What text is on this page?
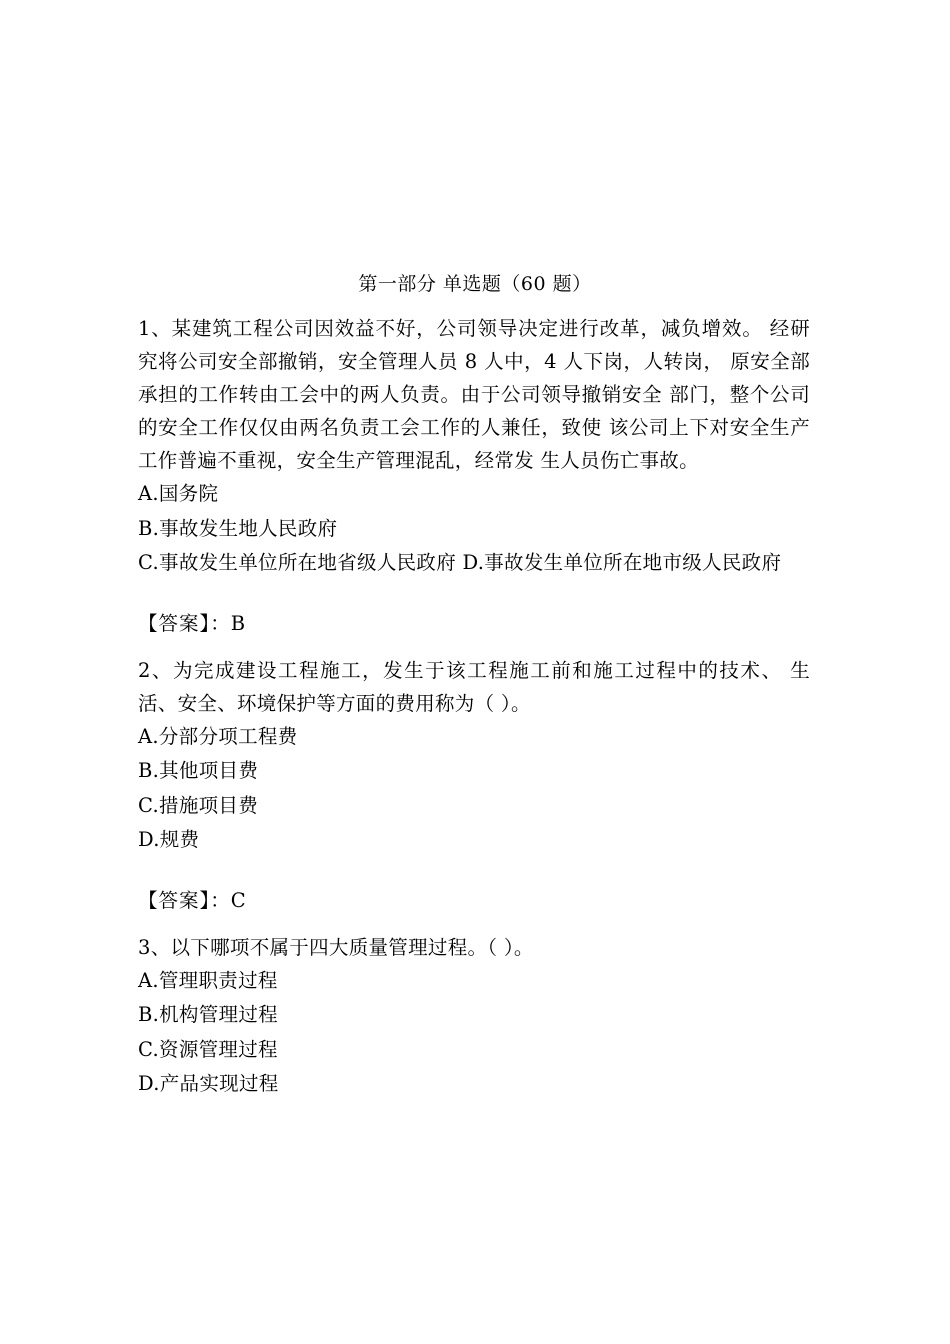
第一部分 单选题（60 题）

1、某建筑工程公司因效益不好，公司领导决定进行改革，减负增效。 经研究将公司安全部撤销，安全管理人员 8 人中，4 人下岗，人转岗， 原安全部承担的工作转由工会中的两人负责。由于公司领导撤销安全 部门，整个公司的安全工作仅仅由两名负责工会工作的人兼任，致使 该公司上下对安全生产工作普遍不重视，安全生产管理混乱，经常发 生人员伤亡事故。

A.国务院

B.事故发生地人民政府

C.事故发生单位所在地省级人民政府 D.事故发生单位所在地市级人民政府

【答案】：B

2、为完成建设工程施工，发生于该工程施工前和施工过程中的技术、 生活、安全、环境保护等方面的费用称为（ ）。

A.分部分项工程费

B.其他项目费

C.措施项目费

D.规费

【答案】：C

3、以下哪项不属于四大质量管理过程。（ ）。

A.管理职责过程

B.机构管理过程

C.资源管理过程

D.产品实现过程
